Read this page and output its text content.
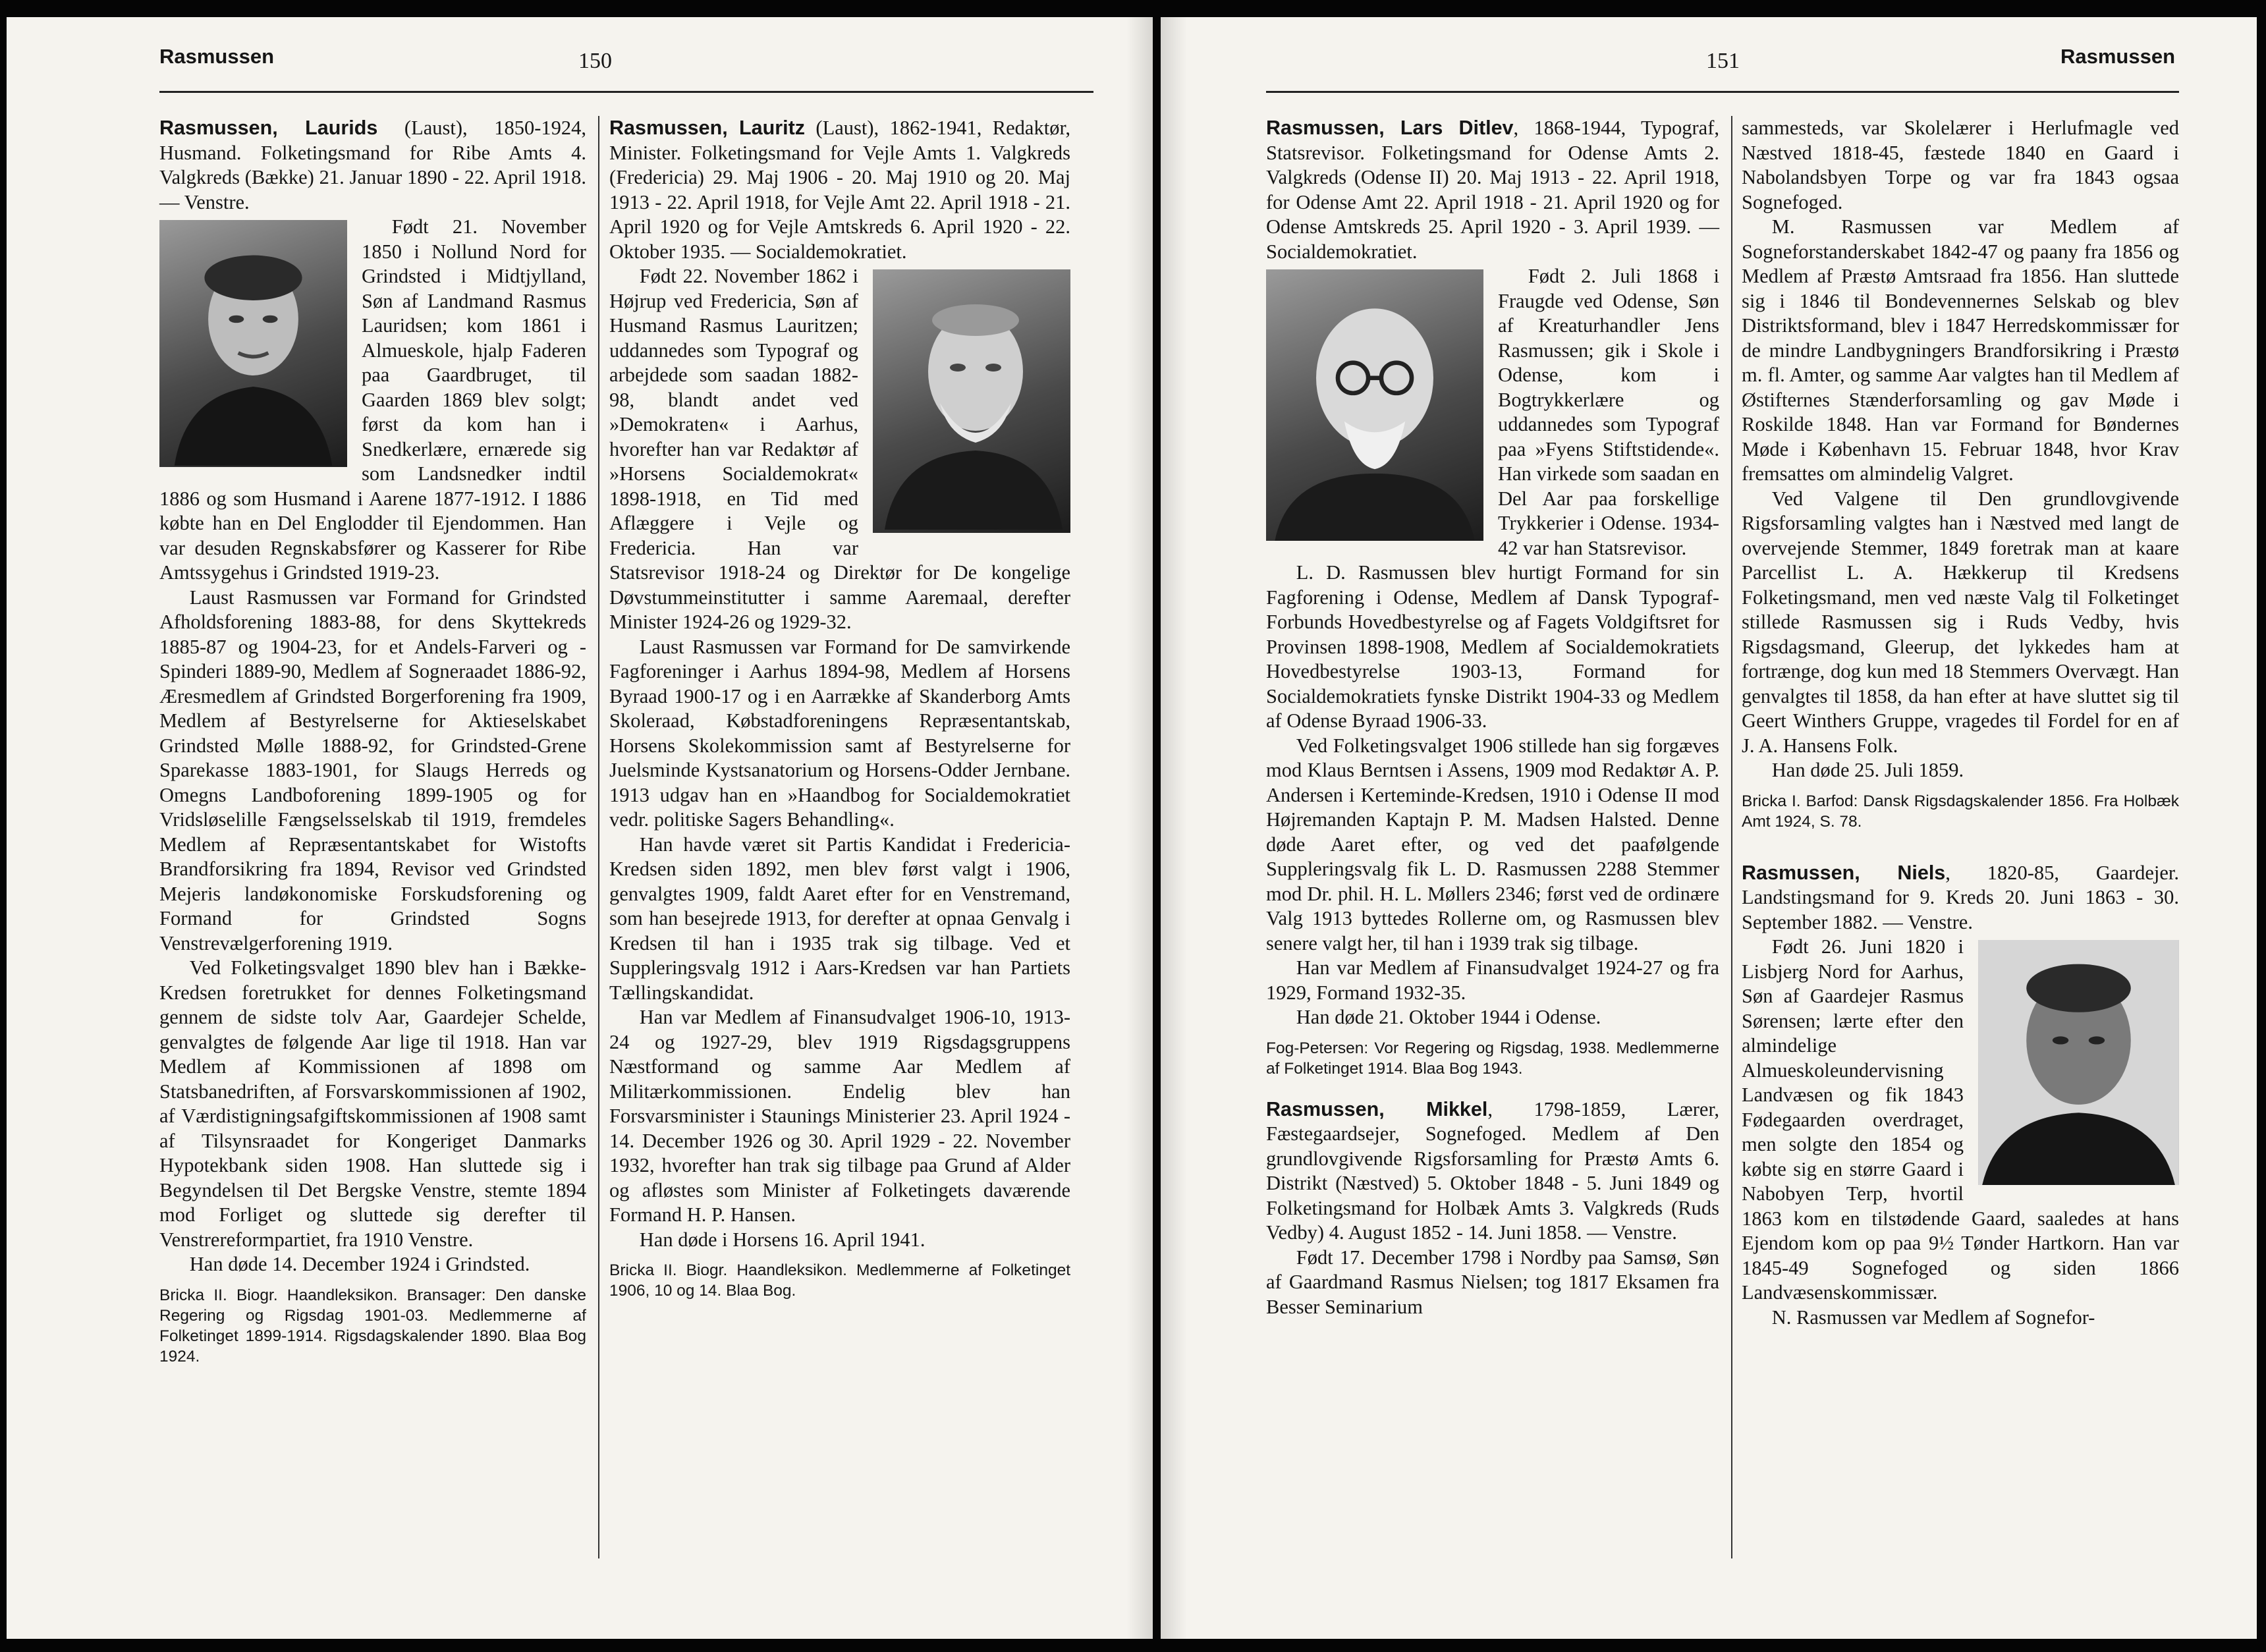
Rasmussen	150

Rasmussen, Laurids (Laust), 1850-1924, Husmand. Folketingsmand for Ribe Amts 4. Valgkreds (Bække) 21. Januar 1890 - 22. April 1918. — Venstre.

Født 21. November 1850 i Nollund Nord for Grindsted i Midtjylland, Søn af Landmand Rasmus Lauridsen; kom 1861 i Almueskole, hjalp Faderen paa Gaardbruget, til Gaarden 1869 blev solgt; først da kom han i Snedkerlære, ernærede sig som Landsnedker indtil 1886 og som Husmand i Aarene 1877-1912. I 1886 købte han en Del Englodder til Ejendommen. Han var desuden Regnskabsfører og Kasserer for Ribe Amtssygehus i Grindsted 1919-23.

Laust Rasmussen var Formand for Grindsted Afholdsforening 1883-88, for dens Skyttekreds 1885-87 og 1904-23, for et Andels-Farveri og -Spinderi 1889-90, Medlem af Sogneraadet 1886-92, Æresmedlem af Grindsted Borgerforening fra 1909, Medlem af Bestyrelserne for Aktieselskabet Grindsted Mølle 1888-92, for Grindsted-Grene Sparekasse 1883-1901, for Slaugs Herreds og Omegns Landboforening 1899-1905 og for Vridsløselille Fængselsselskab til 1919, fremdeles Medlem af Repræsentantskabet for Wistofts Brandforsikring fra 1894, Revisor ved Grindsted Mejeris landøkonomiske Forskudsforening og Formand for Grindsted Sogns Venstrevælgerforening 1919.

Ved Folketingsvalget 1890 blev han i Bække-Kredsen foretrukket for dennes Folketingsmand gennem de sidste tolv Aar, Gaardejer Schelde, genvalgtes de følgende Aar lige til 1918. Han var Medlem af Kommissionen af 1898 om Statsbanedriften, af Forsvarskommissionen af 1902, af Værdistigningsafgiftskommissionen af 1908 samt af Tilsynsraadet for Kongeriget Danmarks Hypotekbank siden 1908. Han sluttede sig i Begyndelsen til Det Bergske Venstre, stemte 1894 mod Forliget og sluttede sig derefter til Venstrereformpartiet, fra 1910 Venstre.

Han døde 14. December 1924 i Grindsted.

Bricka II. Biogr. Haandleksikon. Bransager: Den danske Regering og Rigsdag 1901-03. Medlemmerne af Folketinget 1899-1914. Rigsdagskalender 1890. Blaa Bog 1924.

Rasmussen, Lauritz (Laust), 1862-1941, Redaktør, Minister. Folketingsmand for Vejle Amts 1. Valgkreds (Fredericia) 29. Maj 1906 - 20. Maj 1910 og 20. Maj 1913 - 22. April 1918, for Vejle Amt 22. April 1918 - 21. April 1920 og for Vejle Amtskreds 6. April 1920 - 22. Oktober 1935. — Socialdemokratiet.

Født 22. November 1862 i Højrup ved Fredericia, Søn af Husmand Rasmus Lauritzen; uddannedes som Typograf og arbejdede som saadan 1882-98, blandt andet ved »Demokraten« i Aarhus, hvorefter han var Redaktør af »Horsens Socialdemokrat« 1898-1918, en Tid med Aflæggere i Vejle og Fredericia. Han var Statsrevisor 1918-24 og Direktør for De kongelige Døvstummeinstitutter i samme Aaremaal, derefter Minister 1924-26 og 1929-32.

Laust Rasmussen var Formand for De samvirkende Fagforeninger i Aarhus 1894-98, Medlem af Horsens Byraad 1900-17 og i en Aarrække af Skanderborg Amts Skoleraad, Købstadforeningens Repræsentantskab, Horsens Skolekommission samt af Bestyrelserne for Juelsminde Kystsanatorium og Horsens-Odder Jernbane. 1913 udgav han en »Haandbog for Socialdemokratiet vedr. politiske Sagers Behandling«.

Han havde været sit Partis Kandidat i Fredericia-Kredsen siden 1892, men blev først valgt i 1906, genvalgtes 1909, faldt Aaret efter for en Venstremand, som han besejrede 1913, for derefter at opnaa Genvalg i Kredsen til han i 1935 trak sig tilbage. Ved et Suppleringsvalg 1912 i Aars-Kredsen var han Partiets Tællingskandidat.

Han var Medlem af Finansudvalget 1906-10, 1913-24 og 1927-29, blev 1919 Rigsdagsgruppens Næstformand og samme Aar Medlem af Militærkommissionen. Endelig blev han Forsvarsminister i Staunings Ministerier 23. April 1924 - 14. December 1926 og 30. April 1929 - 22. November 1932, hvorefter han trak sig tilbage paa Grund af Alder og afløstes som Minister af Folketingets daværende Formand H. P. Hansen.

Han døde i Horsens 16. April 1941.

Bricka II. Biogr. Haandleksikon. Medlemmerne af Folketinget 1906, 10 og 14. Blaa Bog.

151	Rasmussen

Rasmussen, Lars Ditlev, 1868-1944, Typograf, Statsrevisor. Folketingsmand for Odense Amts 2. Valgkreds (Odense II) 20. Maj 1913 - 22. April 1918, for Odense Amt 22. April 1918 - 21. April 1920 og for Odense Amtskreds 25. April 1920 - 3. April 1939. — Socialdemokratiet.

Født 2. Juli 1868 i Fraugde ved Odense, Søn af Kreaturhandler Jens Rasmussen; gik i Skole i Odense, kom i Bogtrykkerlære og uddannedes som Typograf paa »Fyens Stiftstidende«. Han virkede som saadan en Del Aar paa forskellige Trykkerier i Odense. 1934-42 var han Statsrevisor.

L. D. Rasmussen blev hurtigt Formand for sin Fagforening i Odense, Medlem af Dansk Typograf-Forbunds Hovedbestyrelse og af Fagets Voldgiftsret for Provinsen 1898-1908, Medlem af Socialdemokratiets Hovedbestyrelse 1903-13, Formand for Socialdemokratiets fynske Distrikt 1904-33 og Medlem af Odense Byraad 1906-33.

Ved Folketingsvalget 1906 stillede han sig forgæves mod Klaus Berntsen i Assens, 1909 mod Redaktør A. P. Andersen i Kerteminde-Kredsen, 1910 i Odense II mod Højremanden Kaptajn P. M. Madsen Halsted. Denne døde Aaret efter, og ved det paafølgende Suppleringsvalg fik L. D. Rasmussen 2288 Stemmer mod Dr. phil. H. L. Møllers 2346; først ved de ordinære Valg 1913 byttedes Rollerne om, og Rasmussen blev senere valgt her, til han i 1939 trak sig tilbage.

Han var Medlem af Finansudvalget 1924-27 og fra 1929, Formand 1932-35.

Han døde 21. Oktober 1944 i Odense.

Fog-Petersen: Vor Regering og Rigsdag, 1938. Medlemmerne af Folketinget 1914. Blaa Bog 1943.

Rasmussen, Mikkel, 1798-1859, Lærer, Fæstegaardsejer, Sognefoged. Medlem af Den grundlovgivende Rigsforsamling for Præstø Amts 6. Distrikt (Næstved) 5. Oktober 1848 - 5. Juni 1849 og Folketingsmand for Holbæk Amts 3. Valgkreds (Ruds Vedby) 4. August 1852 - 14. Juni 1858. — Venstre.

Født 17. December 1798 i Nordby paa Samsø, Søn af Gaardmand Rasmus Nielsen; tog 1817 Eksamen fra Besser Seminarium

sammesteds, var Skolelærer i Herlufmagle ved Næstved 1818-45, fæstede 1840 en Gaard i Nabolandsbyen Torpe og var fra 1843 ogsaa Sognefoged.

M. Rasmussen var Medlem af Sogneforstanderskabet 1842-47 og paany fra 1856 og Medlem af Præstø Amtsraad fra 1856. Han sluttede sig i 1846 til Bondevennernes Selskab og blev Distriktsformand, blev i 1847 Herredskommissær for de mindre Landbygningers Brandforsikring i Præstø m. fl. Amter, og samme Aar valgtes han til Medlem af Østifternes Stænderforsamling og gav Møde i Roskilde 1848. Han var Formand for Bøndernes Møde i København 15. Februar 1848, hvor Krav fremsattes om almindelig Valgret.

Ved Valgene til Den grundlovgivende Rigsforsamling valgtes han i Næstved med langt de overvejende Stemmer, 1849 foretrak man at kaare Parcellist L. A. Hækkerup til Kredsens Folketingsmand, men ved næste Valg til Folketinget stillede Rasmussen sig i Ruds Vedby, hvis Rigsdagsmand, Gleerup, det lykkedes ham at fortrænge, dog kun med 18 Stemmers Overvægt. Han genvalgtes til 1858, da han efter at have sluttet sig til Geert Winthers Gruppe, vragedes til Fordel for en af J. A. Hansens Folk.

Han døde 25. Juli 1859.

Bricka I. Barfod: Dansk Rigsdagskalender 1856. Fra Holbæk Amt 1924, S. 78.

Rasmussen, Niels, 1820-85, Gaardejer. Landstingsmand for 9. Kreds 20. Juni 1863 - 30. September 1882. — Venstre.

Født 26. Juni 1820 i Lisbjerg Nord for Aarhus, Søn af Gaardejer Rasmus Sørensen; lærte efter den almindelige Almueskoleundervisning Landvæsen og fik 1843 Fødegaarden overdraget, men solgte den 1854 og købte sig en større Gaard i Nabobyen Terp, hvortil 1863 kom en tilstødende Gaard, saaledes at hans Ejendom kom op paa 9½ Tønder Hartkorn. Han var 1845-49 Sognefoged og siden 1866 Landvæsenskommissær.

N. Rasmussen var Medlem af Sognefor-
